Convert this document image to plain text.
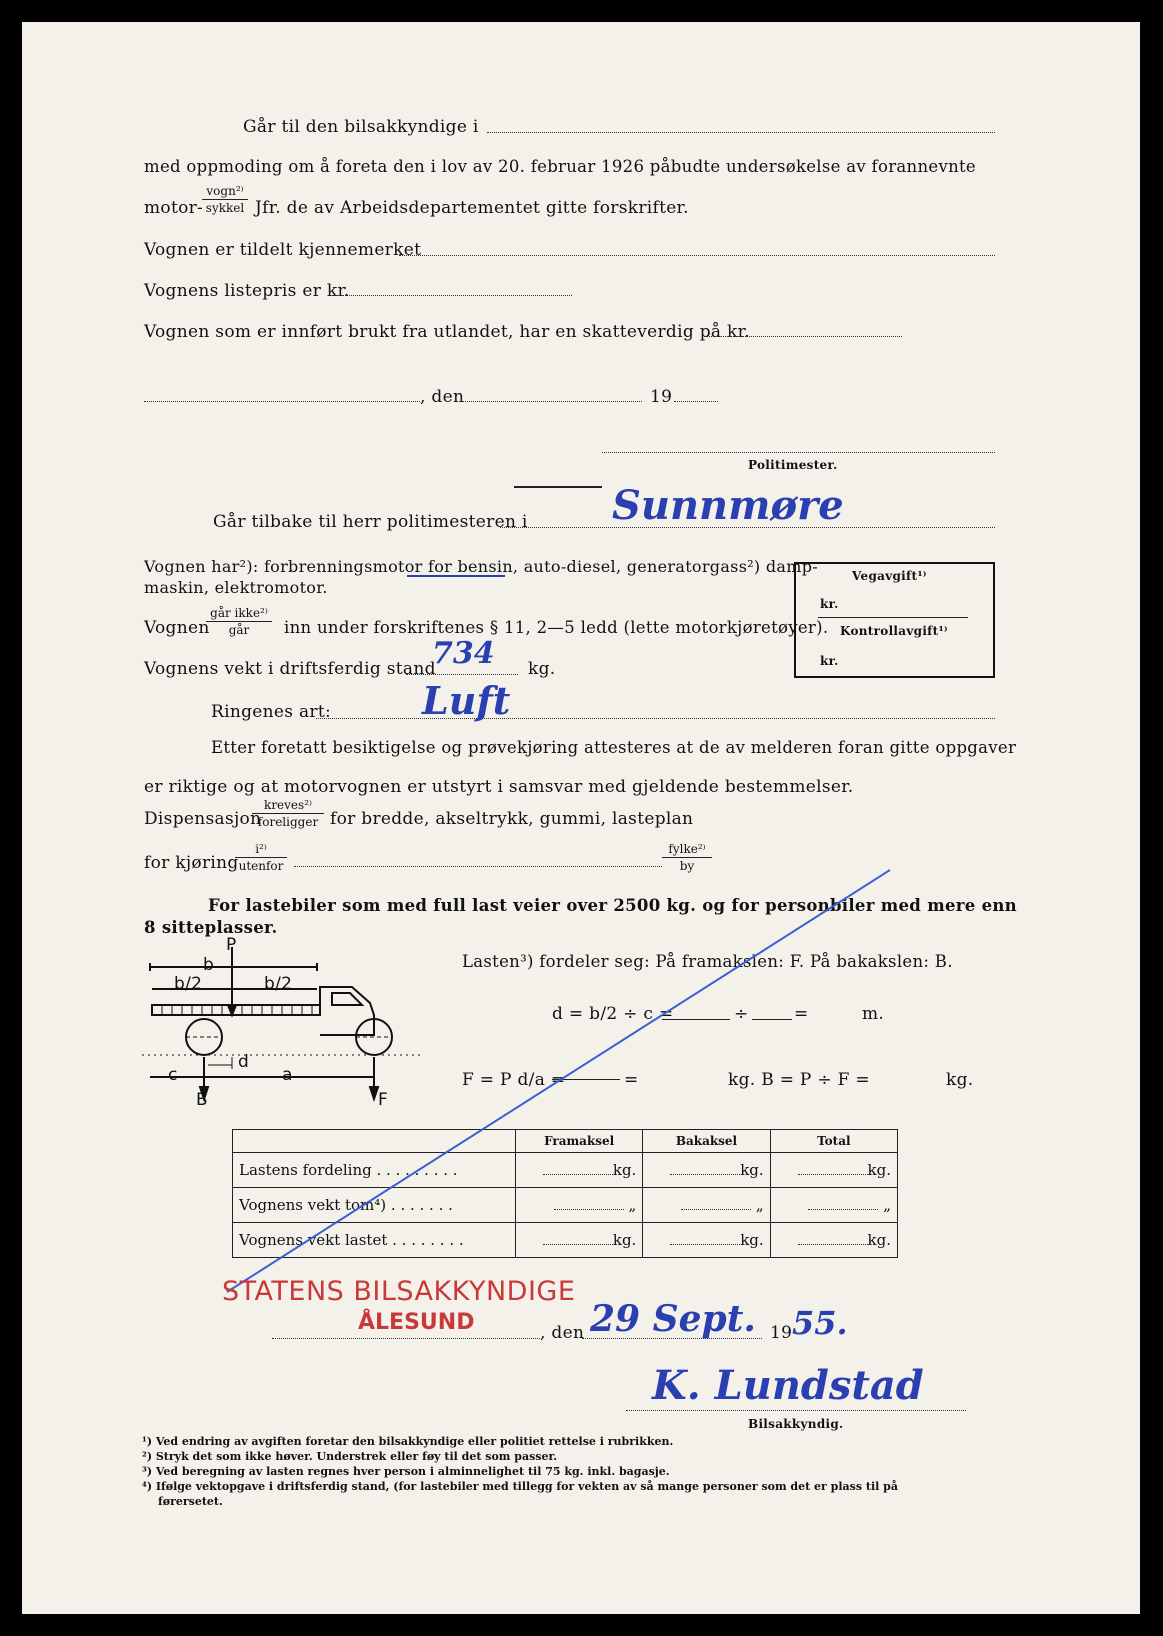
Går til den bilsakkyndige i
med oppmoding om å foreta den i lov av 20. februar 1926 påbudte undersøkelse av forannevnte
motor-
vogn²⁾
sykkel Jfr. de av Arbeidsdepartementet gitte forskrifter.
Vognen er tildelt kjennemerket
Vognens listepris er kr.
Vognen som er innført brukt fra utlandet, har en skatteverdig på kr.
, den	19
Politimester.
Går tilbake til herr politimesteren i Sunnmøre
Vognen har²): forbrenningsmotor for bensin, auto-diesel, generatorgass²) damp-
maskin, elektromotor.
Vegavgift¹⁾
kr.
Kontrollavgift¹⁾
kr.
Vognen
går ikke²⁾
går	inn under forskriftenes § 11, 2—5 ledd (lette motorkjøretøyer).
Vognens vekt i driftsferdig stand
734 kg.
Ringenes art: Luft
Etter foretatt besiktigelse og prøvekjøring attesteres at de av melderen foran gitte oppgaver
er riktige og at motorvognen er utstyrt i samsvar med gjeldende bestemmelser.
Dispensasjon
kreves²⁾
foreligger for bredde, akseltrykk, gummi, lasteplan
for kjøring
i²⁾
utenfor
fylke²⁾
by
For lastebiler som med full last veier over 2500 kg. og for personbiler med mere enn
8 sitteplasser.
P
b
b/2	b/2
c
d
a
B	F
Lasten³) fordeler seg: På framakslen: F. På bakakslen: B.
d = b/2 ÷ c =	÷	=	m.
F = P d/a =	=	kg. B = P ÷ F =	kg.
	Framaksel	Bakaksel	Total
Lastens fordeling . . . . . . . . .	kg.	kg.	kg.
Vognens vekt tom⁴) . . . . . . .	„	„	„
Vognens vekt lastet . . . . . . . .	kg.	kg.	kg.
STATENS BILSAKKYNDIGE
ÅLESUND	, den 29 Sept. 19 55.
K. Lundstad
Bilsakkyndig.
¹) Ved endring av avgiften foretar den bilsakkyndige eller politiet rettelse i rubrikken.
²) Stryk det som ikke høver. Understrek eller føy til det som passer.
³) Ved beregning av lasten regnes hver person i alminnelighet til 75 kg. inkl. bagasje.
⁴) Ifølge vektopgave i driftsferdig stand, (for lastebiler med tillegg for vekten av så mange personer som det er plass til på
førersetet.
